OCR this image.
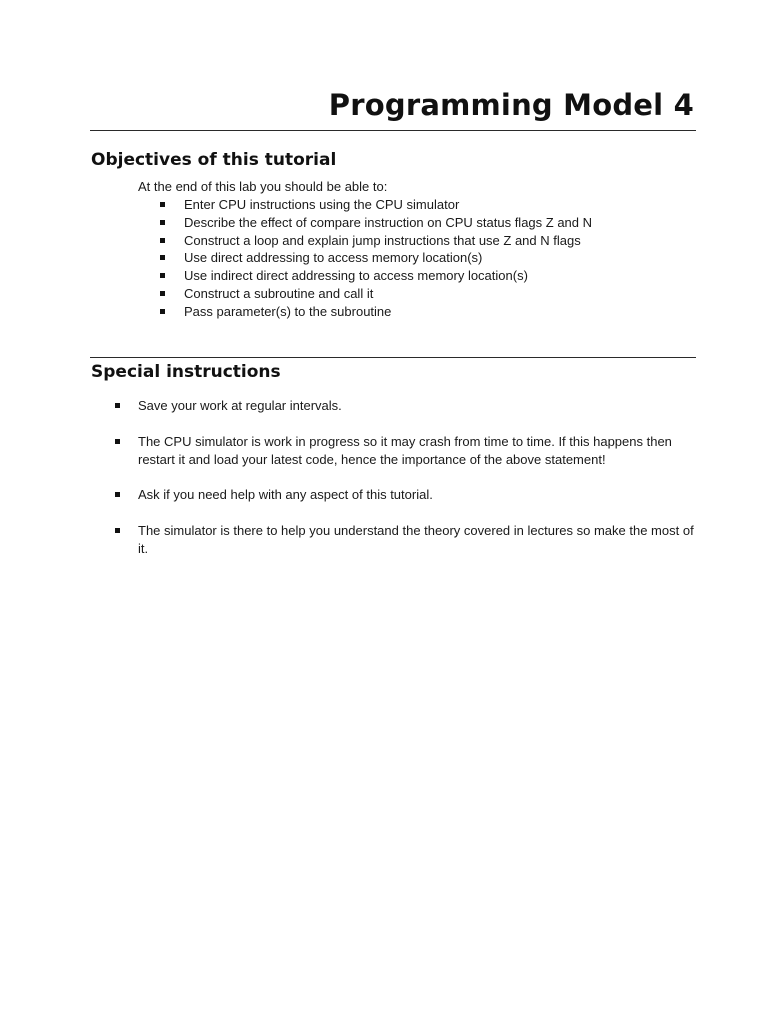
Programming Model 4
Objectives of this tutorial
At the end of this lab you should be able to:
Enter CPU instructions using the CPU simulator
Describe the effect of compare instruction on CPU status flags Z and N
Construct a loop and explain jump instructions that use Z and N flags
Use direct addressing to access memory location(s)
Use indirect direct addressing to access memory location(s)
Construct a subroutine and call it
Pass parameter(s) to the subroutine
Special instructions
Save your work at regular intervals.
The CPU simulator is work in progress so it may crash from time to time. If this happens then restart it and load your latest code, hence the importance of the above statement!
Ask if you need help with any aspect of this tutorial.
The simulator is there to help you understand the theory covered in lectures so make the most of it.
